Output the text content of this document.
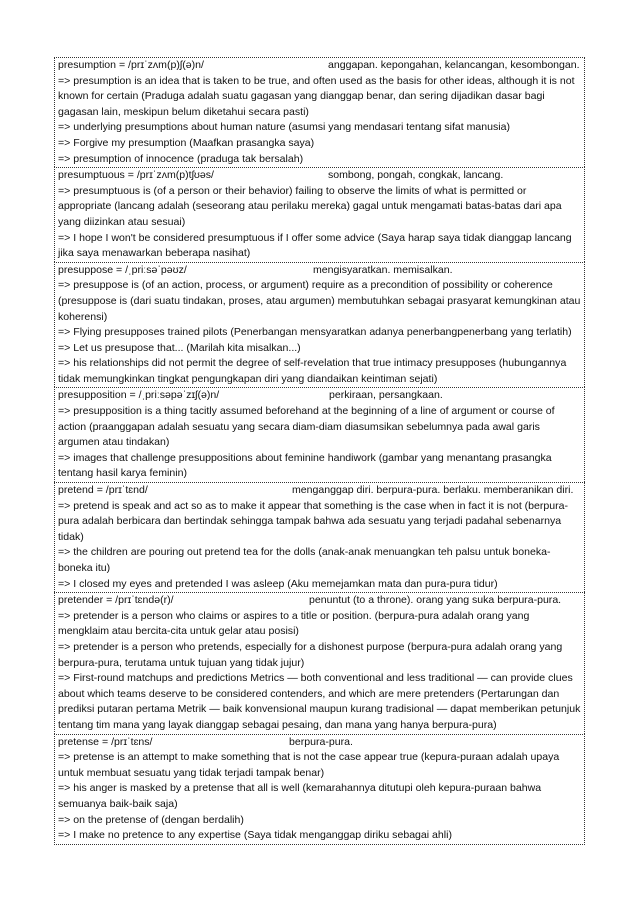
presumption = /prɪˈzʌm(p)ʃ(ə)n/	anggapan. kepongahan, kelancangan, kesombongan.
=> presumption is an idea that is taken to be true, and often used as the basis for other ideas, although it is not known for certain (Praduga adalah suatu gagasan yang dianggap benar, dan sering dijadikan dasar bagi gagasan lain, meskipun belum diketahui secara pasti)
=> underlying presumptions about human nature (asumsi yang mendasari tentang sifat manusia)
=> Forgive my presumption (Maafkan prasangka saya)
=> presumption of innocence (praduga tak bersalah)
presumptuous = /prɪˈzʌm(p)tʃʊəs/	sombong, pongah, congkak, lancang.
=> presumptuous is (of a person or their behavior) failing to observe the limits of what is permitted or appropriate (lancang adalah (seseorang atau perilaku mereka) gagal untuk mengamati batas-batas dari apa yang diizinkan atau sesuai)
=> I hope I won't be considered presumptuous if I offer some advice (Saya harap saya tidak dianggap lancang jika saya menawarkan beberapa nasihat)
presuppose = /ˌpriːsəˈpəʊz/	mengisyaratkan. memisalkan.
=> presuppose is (of an action, process, or argument) require as a precondition of possibility or coherence (presuppose is (dari suatu tindakan, proses, atau argumen) membutuhkan sebagai prasyarat kemungkinan atau koherensi)
=> Flying presupposes trained pilots (Penerbangan mensyaratkan adanya penerbangpenerbang yang terlatih)
=> Let us presupose that... (Marilah kita misalkan...)
=> his relationships did not permit the degree of self-revelation that true intimacy presupposes (hubungannya tidak memungkinkan tingkat pengungkapan diri yang diandaikan keintiman sejati)
presupposition = /ˌpriːsəpəˈzɪʃ(ə)n/	perkiraan, persangkaan.
=> presupposition is a thing tacitly assumed beforehand at the beginning of a line of argument or course of action (praanggapan adalah sesuatu yang secara diam-diam diasumsikan sebelumnya pada awal garis argumen atau tindakan)
=> images that challenge presuppositions about feminine handiwork (gambar yang menantang prasangka tentang hasil karya feminin)
pretend = /prɪˈtɛnd/	menganggap diri. berpura-pura. berlaku. memberanikan diri.
=> pretend is speak and act so as to make it appear that something is the case when in fact it is not (berpura-pura adalah berbicara dan bertindak sehingga tampak bahwa ada sesuatu yang terjadi padahal sebenarnya tidak)
=> the children are pouring out pretend tea for the dolls (anak-anak menuangkan teh palsu untuk boneka-boneka itu)
=> I closed my eyes and pretended I was asleep (Aku memejamkan mata dan pura-pura tidur)
pretender = /prɪˈtɛndə(r)/	penuntut (to a throne). orang yang suka berpura-pura.
=> pretender is a person who claims or aspires to a title or position. (berpura-pura adalah orang yang mengklaim atau bercita-cita untuk gelar atau posisi)
=> pretender is a person who pretends, especially for a dishonest purpose (berpura-pura adalah orang yang berpura-pura, terutama untuk tujuan yang tidak jujur)
=> First-round matchups and predictions Metrics — both conventional and less traditional — can provide clues about which teams deserve to be considered contenders, and which are mere pretenders (Pertarungan dan prediksi putaran pertama Metrik — baik konvensional maupun kurang tradisional — dapat memberikan petunjuk tentang tim mana yang layak dianggap sebagai pesaing, dan mana yang hanya berpura-pura)
pretense = /prɪˈtɛns/	berpura-pura.
=> pretense is an attempt to make something that is not the case appear true (kepura-puraan adalah upaya untuk membuat sesuatu yang tidak terjadi tampak benar)
=> his anger is masked by a pretense that all is well (kemarahannya ditutupi oleh kepura-puraan bahwa semuanya baik-baik saja)
=> on the pretense of (dengan berdalih)
=> I make no pretence to any expertise (Saya tidak menganggap diriku sebagai ahli)
